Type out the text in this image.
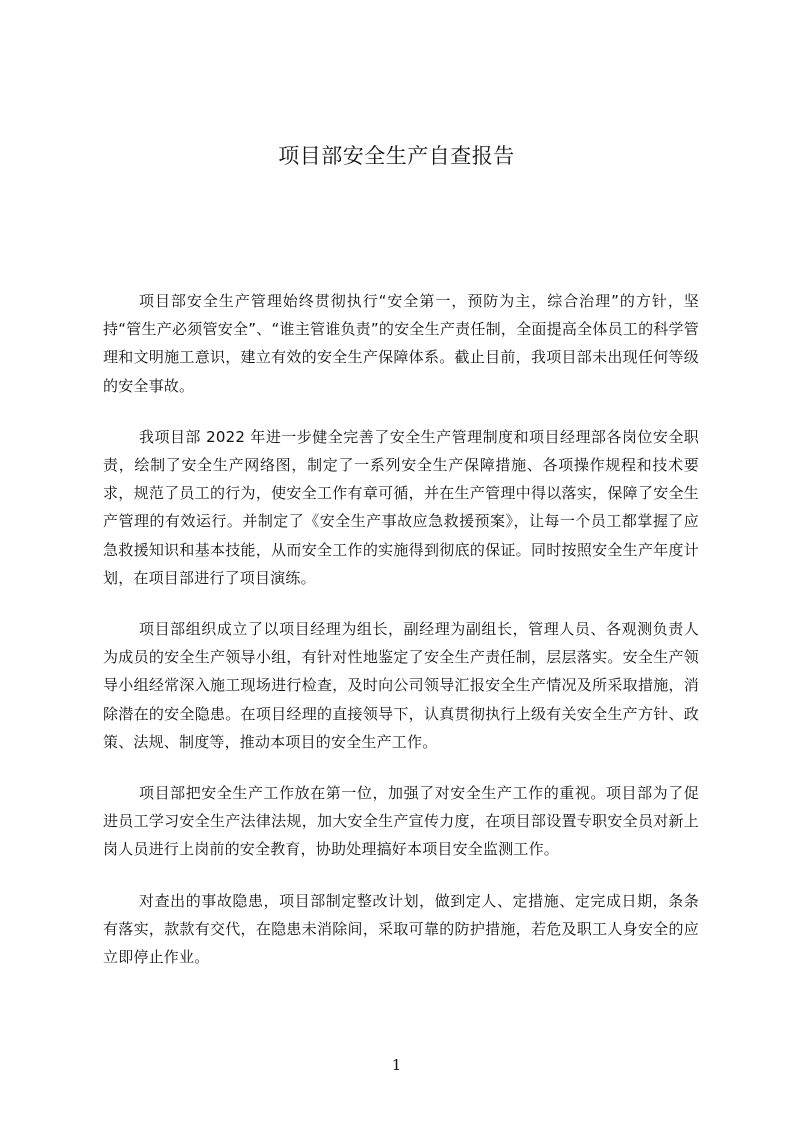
项目部安全生产自查报告

项目部安全生产管理始终贯彻执行“安全第一，预防为主，综合治理”的方针，坚持“管生产必须管安全”、“谁主管谁负责”的安全生产责任制，全面提高全体员工的科学管理和文明施工意识，建立有效的安全生产保障体系。截止目前，我项目部未出现任何等级的安全事故。

我项目部 2022 年进一步健全完善了安全生产管理制度和项目经理部各岗位安全职责，绘制了安全生产网络图，制定了一系列安全生产保障措施、各项操作规程和技术要求，规范了员工的行为，使安全工作有章可循，并在生产管理中得以落实，保障了安全生产管理的有效运行。并制定了《安全生产事故应急救援预案》，让每一个员工都掌握了应急救援知识和基本技能，从而安全工作的实施得到彻底的保证。同时按照安全生产年度计划，在项目部进行了项目演练。

项目部组织成立了以项目经理为组长，副经理为副组长，管理人员、各观测负责人为成员的安全生产领导小组，有针对性地鉴定了安全生产责任制，层层落实。安全生产领导小组经常深入施工现场进行检查，及时向公司领导汇报安全生产情况及所采取措施，消除潜在的安全隐患。在项目经理的直接领导下，认真贯彻执行上级有关安全生产方针、政策、法规、制度等，推动本项目的安全生产工作。

项目部把安全生产工作放在第一位，加强了对安全生产工作的重视。项目部为了促进员工学习安全生产法律法规，加大安全生产宣传力度，在项目部设置专职安全员对新上岗人员进行上岗前的安全教育，协助处理搞好本项目安全监测工作。

对查出的事故隐患，项目部制定整改计划，做到定人、定措施、定完成日期，条条有落实，款款有交代，在隐患未消除间，采取可靠的防护措施，若危及职工人身安全的应立即停止作业。

1
